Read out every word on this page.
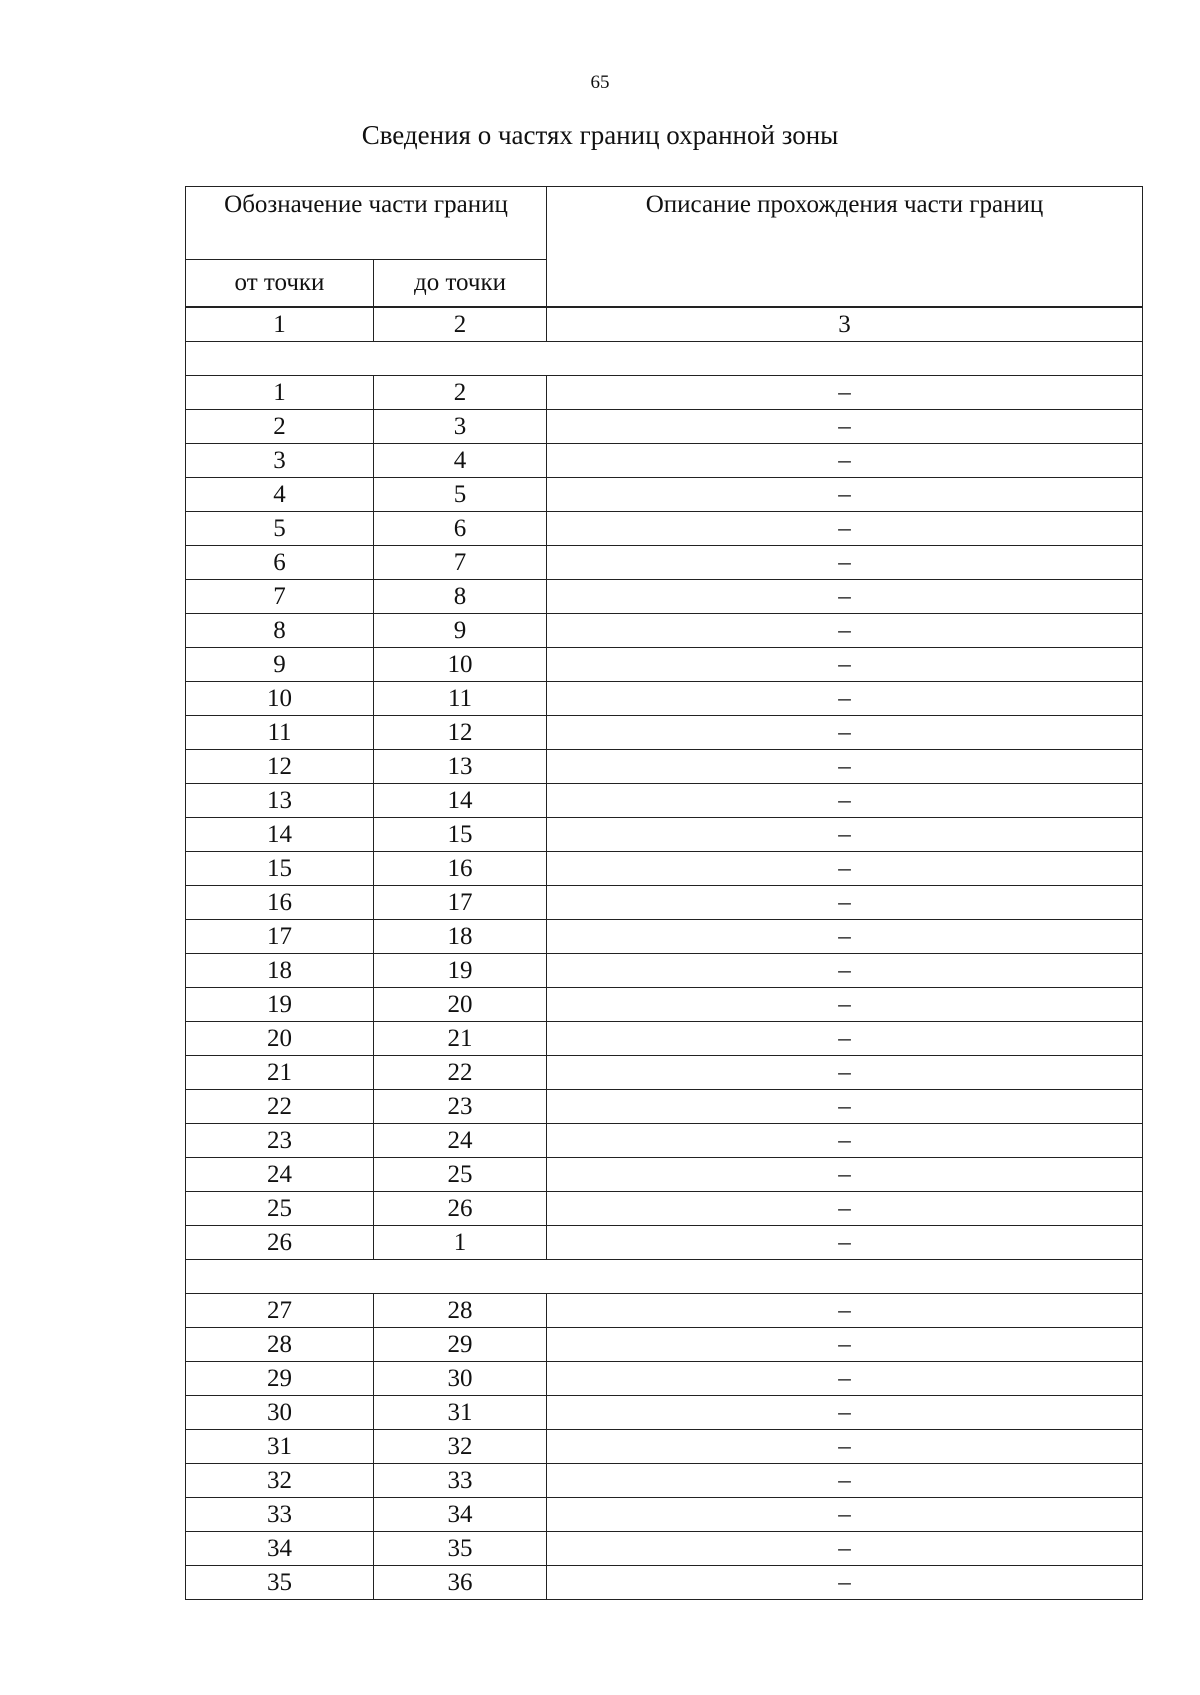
65
Сведения о частях границ охранной зоны
Обозначение части границ		Описание прохождения части границ
от точки	до точки	
1	2	3

1	2	–
2	3	–
3	4	–
4	5	–
5	6	–
6	7	–
7	8	–
8	9	–
9	10	–
10	11	–
11	12	–
12	13	–
13	14	–
14	15	–
15	16	–
16	17	–
17	18	–
18	19	–
19	20	–
20	21	–
21	22	–
22	23	–
23	24	–
24	25	–
25	26	–
26	1	–

27	28	–
28	29	–
29	30	–
30	31	–
31	32	–
32	33	–
33	34	–
34	35	–
35	36	–
